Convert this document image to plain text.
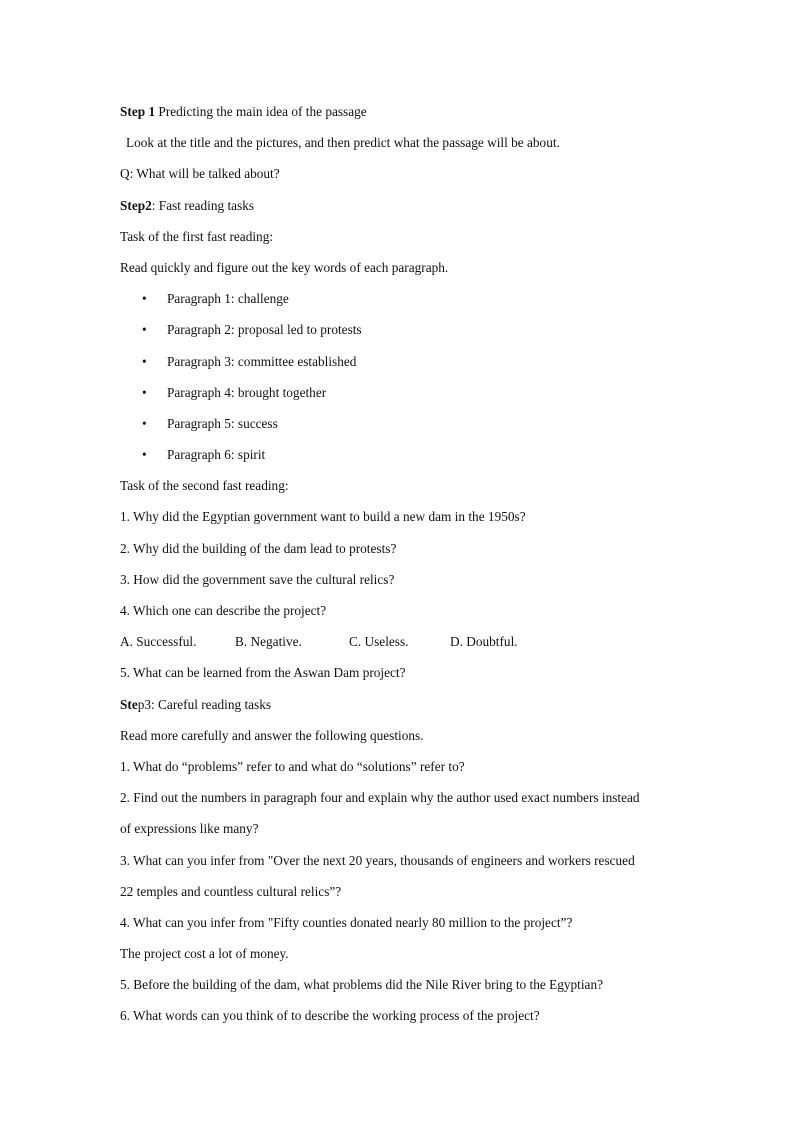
Step 1 Predicting the main idea of the passage
Look at the title and the pictures, and then predict what the passage will be about.
Q: What will be talked about?
Step2: Fast reading tasks
Task of the first fast reading:
Read quickly and figure out the key words of each paragraph.
• Paragraph 1: challenge
• Paragraph 2: proposal led to protests
• Paragraph 3: committee established
• Paragraph 4: brought together
• Paragraph 5: success
• Paragraph 6: spirit
Task of the second fast reading:
1. Why did the Egyptian government want to build a new dam in the 1950s?
2. Why did the building of the dam lead to protests?
3. How did the government save the cultural relics?
4. Which one can describe the project?
A. Successful.	B. Negative.	C. Useless.	D. Doubtful.
5. What can be learned from the Aswan Dam project?
Step3: Careful reading tasks
Read more carefully and answer the following questions.
1. What do “problems” refer to and what do “solutions” refer to?
2. Find out the numbers in paragraph four and explain why the author used exact numbers instead
of expressions like many?
3. What can you infer from "Over the next 20 years, thousands of engineers and workers rescued
22 temples and countless cultural relics”?
4. What can you infer from "Fifty counties donated nearly 80 million to the project”?
The project cost a lot of money.
5. Before the building of the dam, what problems did the Nile River bring to the Egyptian?
6. What words can you think of to describe the working process of the project?
